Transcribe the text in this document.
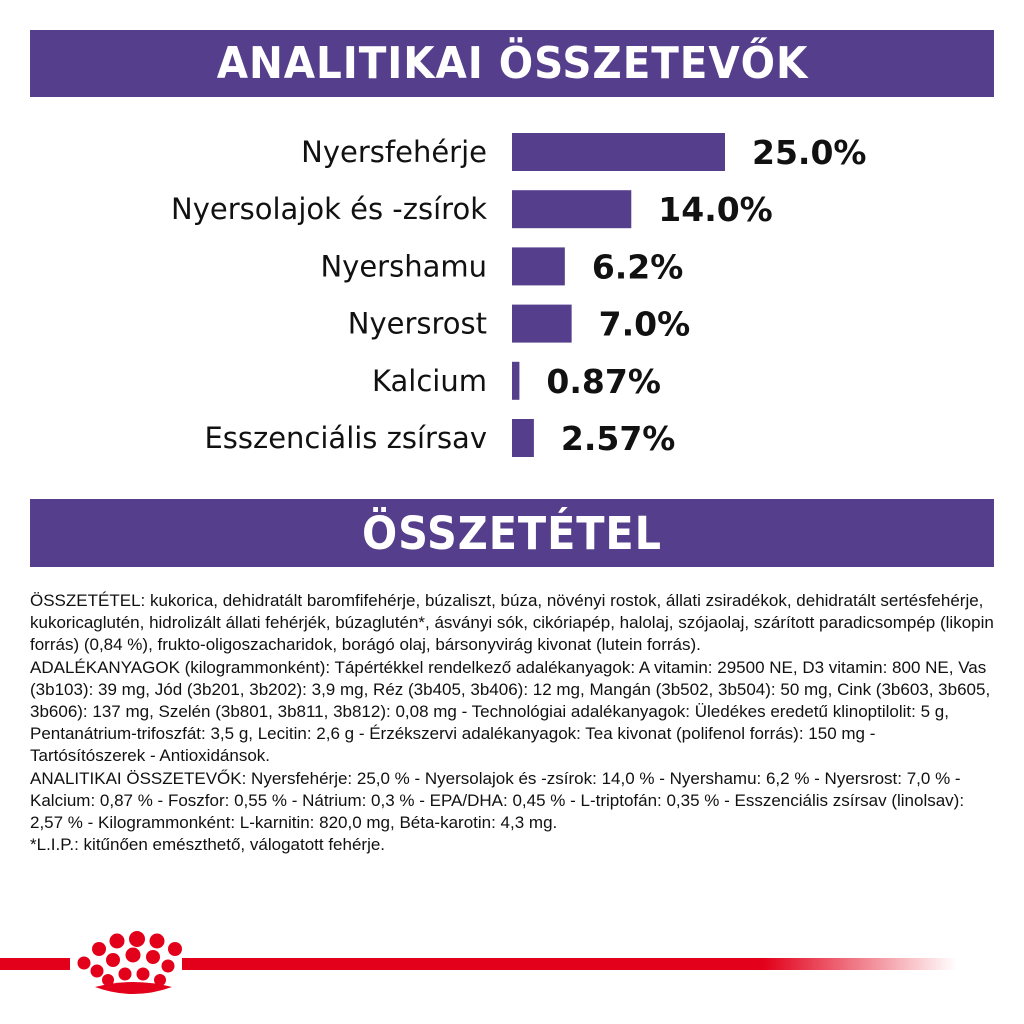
ANALITIKAI ÖSSZETEVŐK
Nyersfehérje	25.0%
Nyersolajok és -zsírok	14.0%
Nyershamu	6.2%
Nyersrost	7.0%
Kalcium 0.87%
Esszenciális zsírsav 2.57%
ÖSSZETÉTEL

ÖSSZETÉTEL: kukorica, dehidratált baromfifehérje, búzaliszt, búza, növényi rostok, állati zsiradékok, dehidratált sertésfehérje, kukoricaglutén, hidrolizált állati fehérjék, búzaglutén*, ásványi sók, cikóriapép, halolaj, szójaolaj, szárított paradicsompép (likopin forrás) (0,84 %), frukto-oligoszacharidok, borágó olaj, bársonyvirág kivonat (lutein forrás).

ADALÉKANYAGOK (kilogrammonként): Tápértékkel rendelkező adalékanyagok: A vitamin: 29500 NE, D3 vitamin: 800 NE, Vas (3b103): 39 mg, Jód (3b201, 3b202): 3,9 mg, Réz (3b405, 3b406): 12 mg, Mangán (3b502, 3b504): 50 mg, Cink (3b603, 3b605, 3b606): 137 mg, Szelén (3b801, 3b811, 3b812): 0,08 mg - Technológiai adalékanyagok: Üledékes eredetű klinoptilolit: 5 g, Pentanátrium-trifoszfát: 3,5 g, Lecitin: 2,6 g - Érzékszervi adalékanyagok: Tea kivonat (polifenol forrás): 150 mg - Tartósítószerek - Antioxidánsok.

ANALITIKAI ÖSSZETEVŐK: Nyersfehérje: 25,0 % - Nyersolajok és -zsírok: 14,0 % - Nyershamu: 6,2 % - Nyersrost: 7,0 % - Kalcium: 0,87 % - Foszfor: 0,55 % - Nátrium: 0,3 % - EPA/DHA: 0,45 % - L-triptofán: 0,35 % - Esszenciális zsírsav (linolsav): 2,57 % - Kilogrammonként: L-karnitin: 820,0 mg, Béta-karotin: 4,3 mg.

*L.I.P.: kitűnően emészthető, válogatott fehérje.
